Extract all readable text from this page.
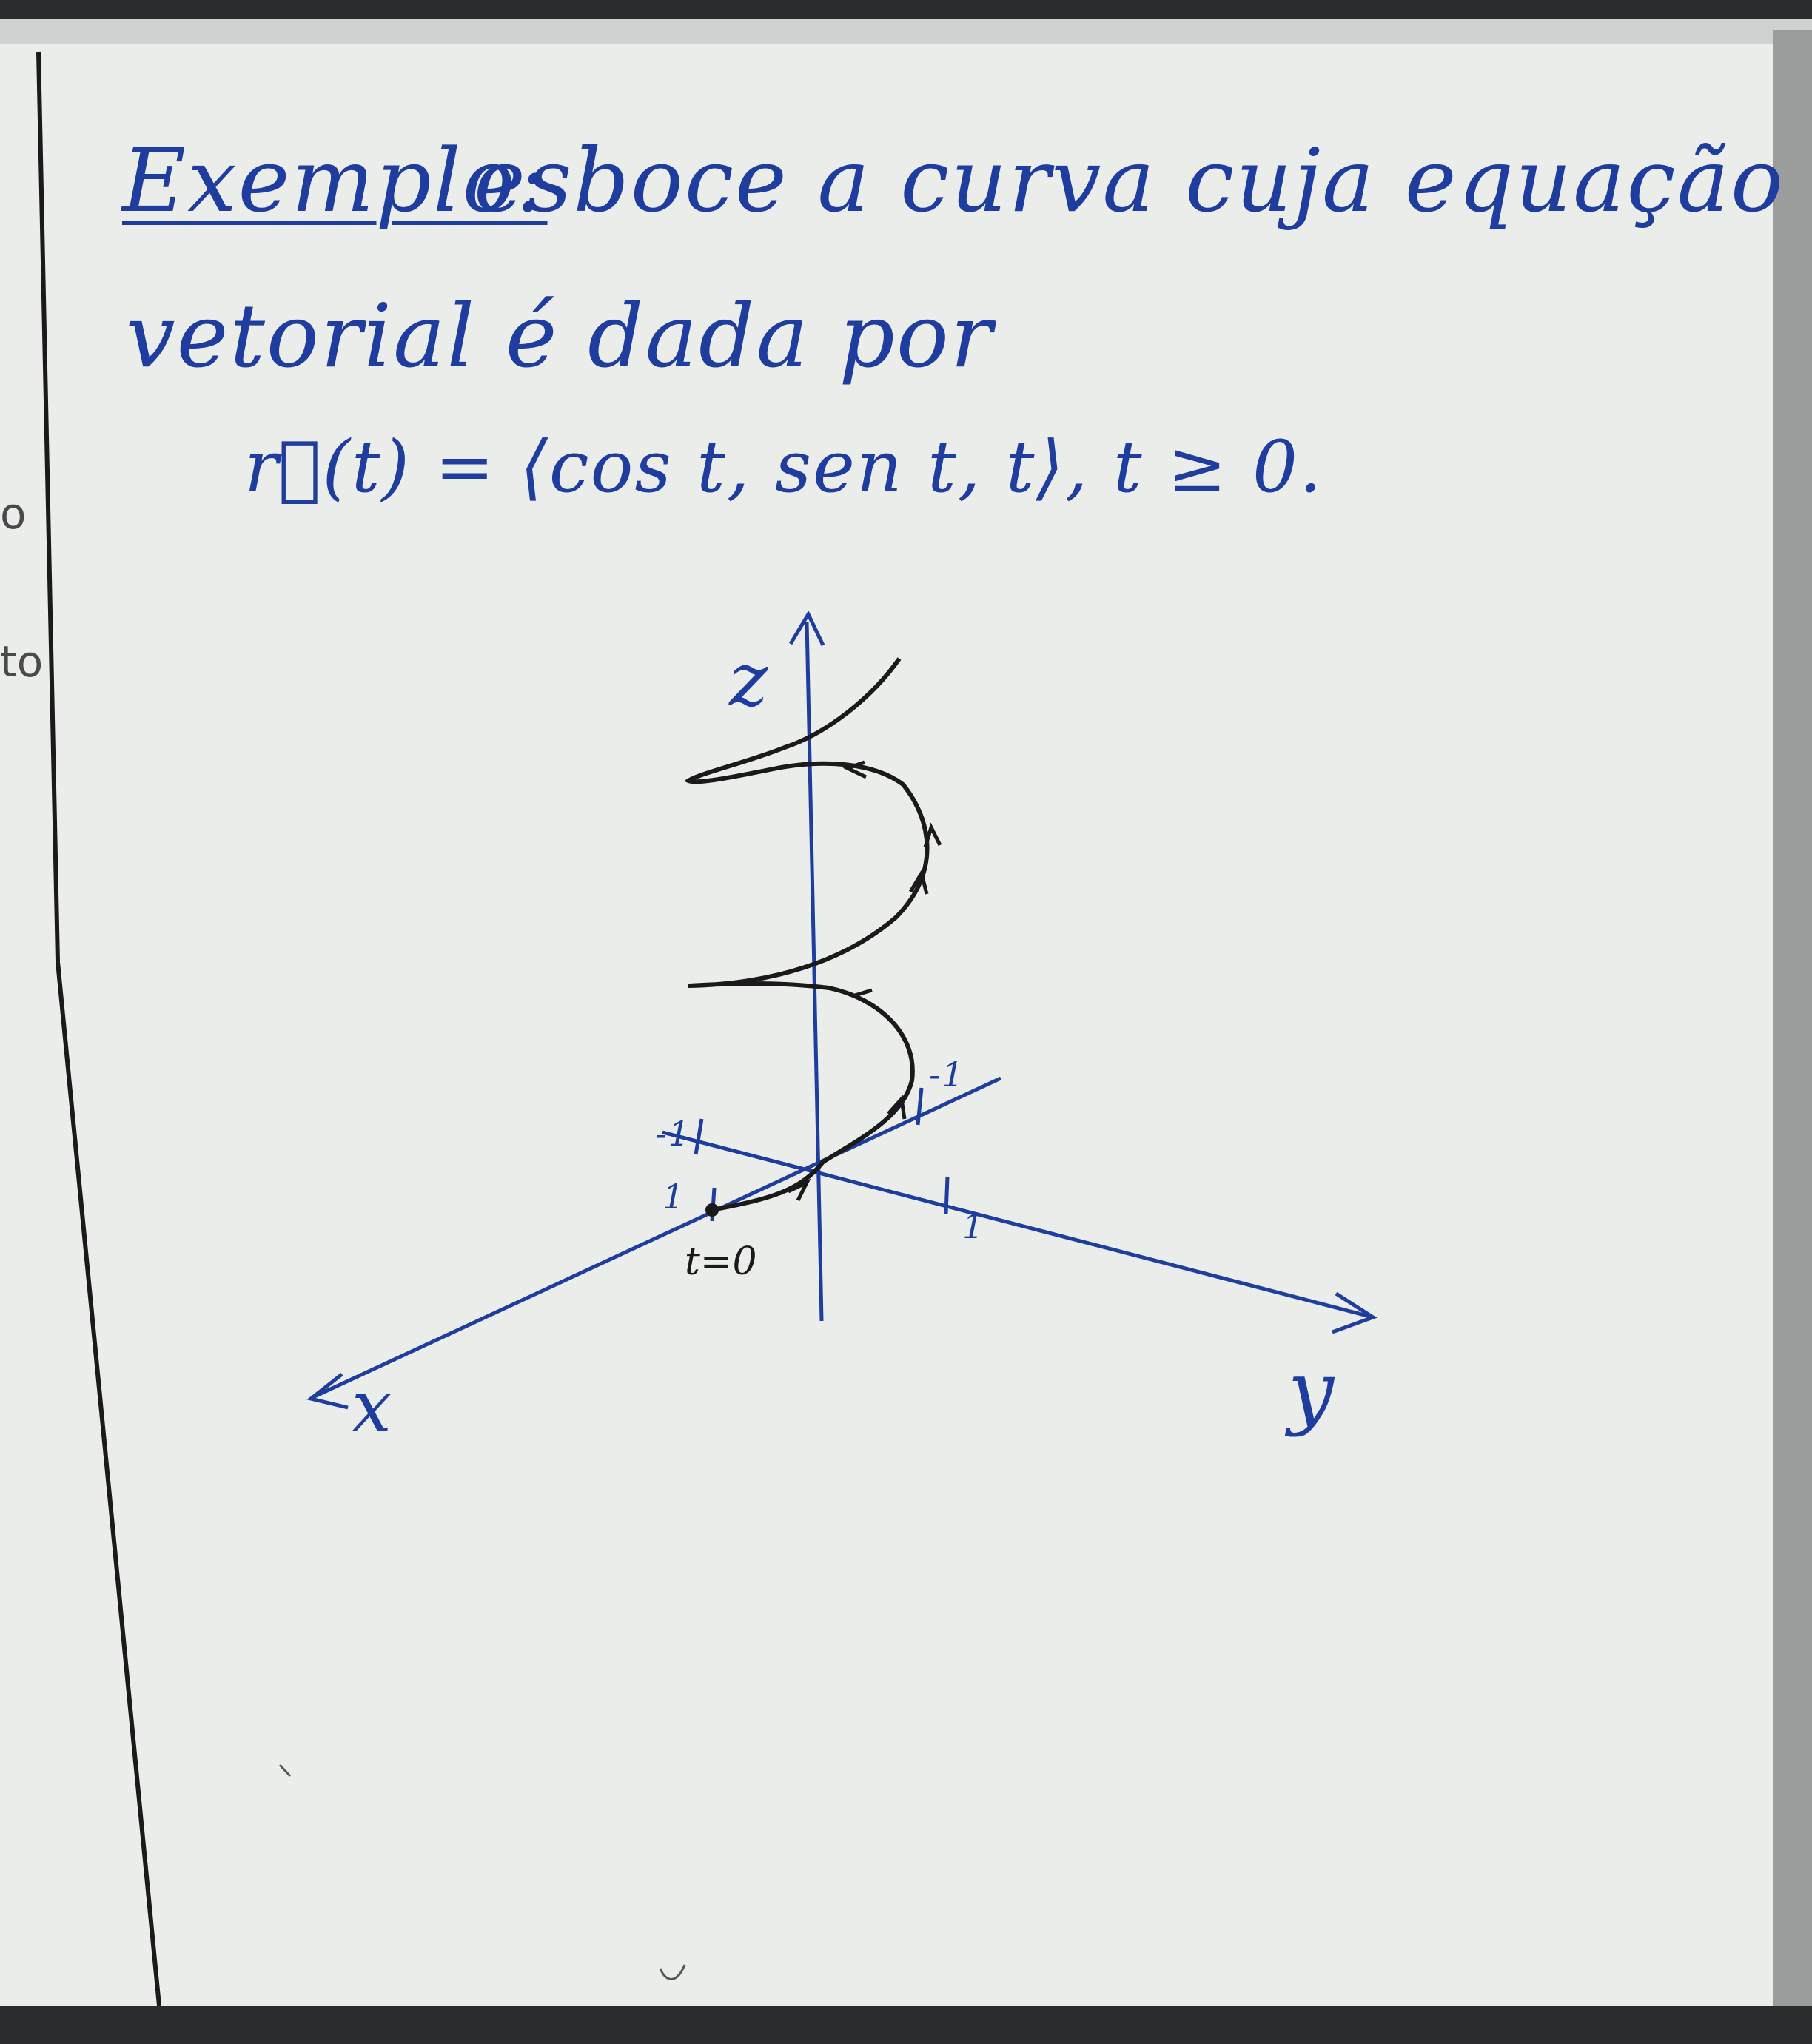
Exemplo:
esboce a curva cuja equação
vetorial é dada por
r⃗(t) = ⟨cos t, sen t, t⟩, t ≥ 0.
z
x	y
-1
1
-1
1
t=0
o
to
